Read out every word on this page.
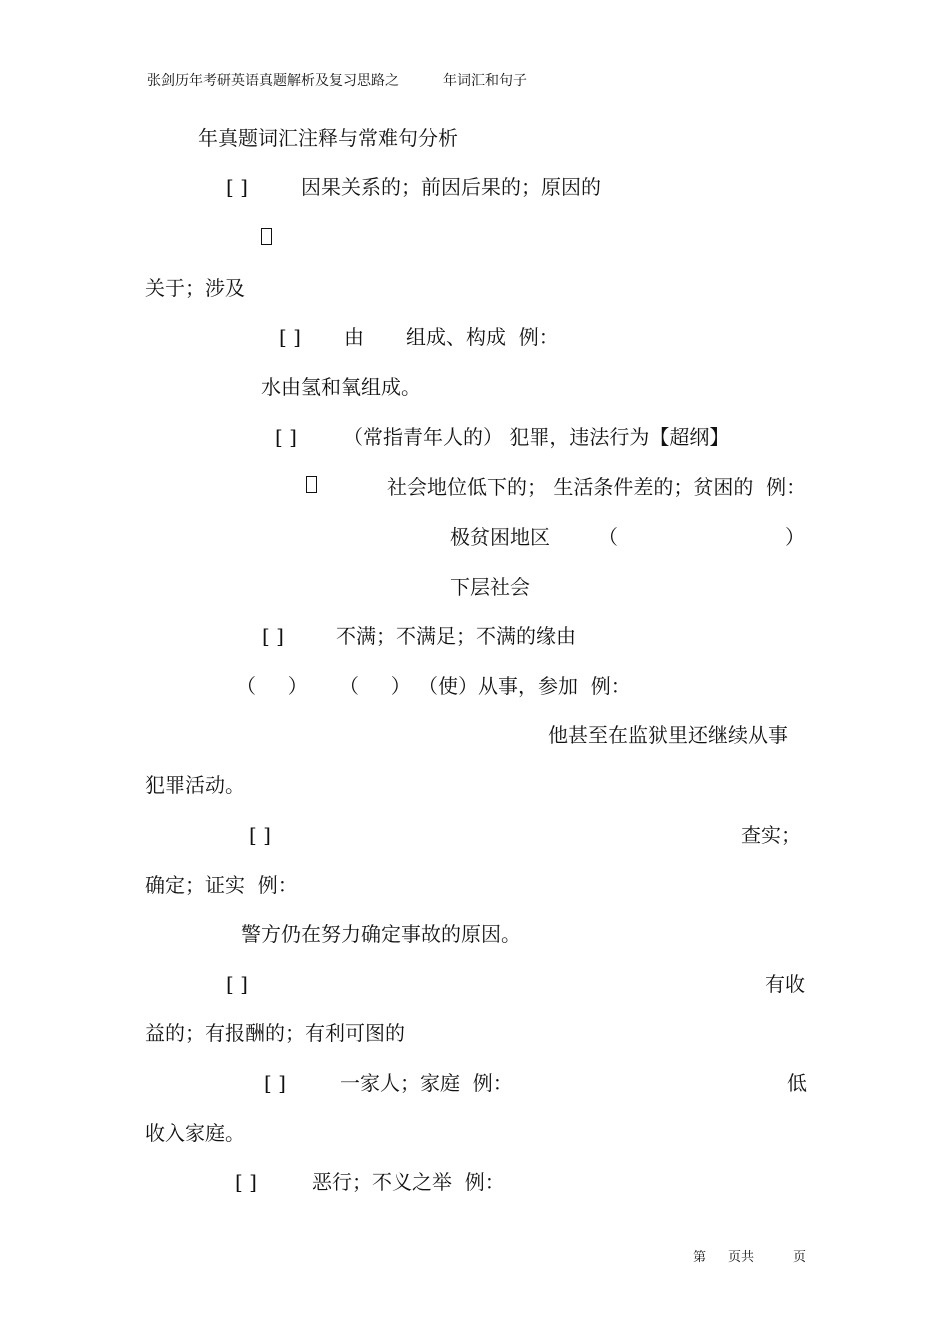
张剑历年考研英语真题解析及复习思路之	年词汇和句子
年真题词汇注释与常难句分析
[ ]	因果关系的；前因后果的；原因的
关于；涉及
[ ] 由 组成、构成  例：
水由氢和氧组成。
[ ] （常指青年人的） 犯罪，违法行为【超纲】
社会地位低下的； 生活条件差的；贫困的  例：
极贫困地区 （	）
下层社会
[ ]	不满；不满足；不满的缘由
（     ） （     ） （使）从事，参加  例：
他甚至在监狱里还继续从事
犯罪活动。
[ ]	查实；
确定；证实  例：
警方仍在努力确定事故的原因。
[ ]	有收
益的；有报酬的；有利可图的
[ ]	一家人；家庭  例：	低
收入家庭。
[ ]	恶行；不义之举  例：
第 页共	页
